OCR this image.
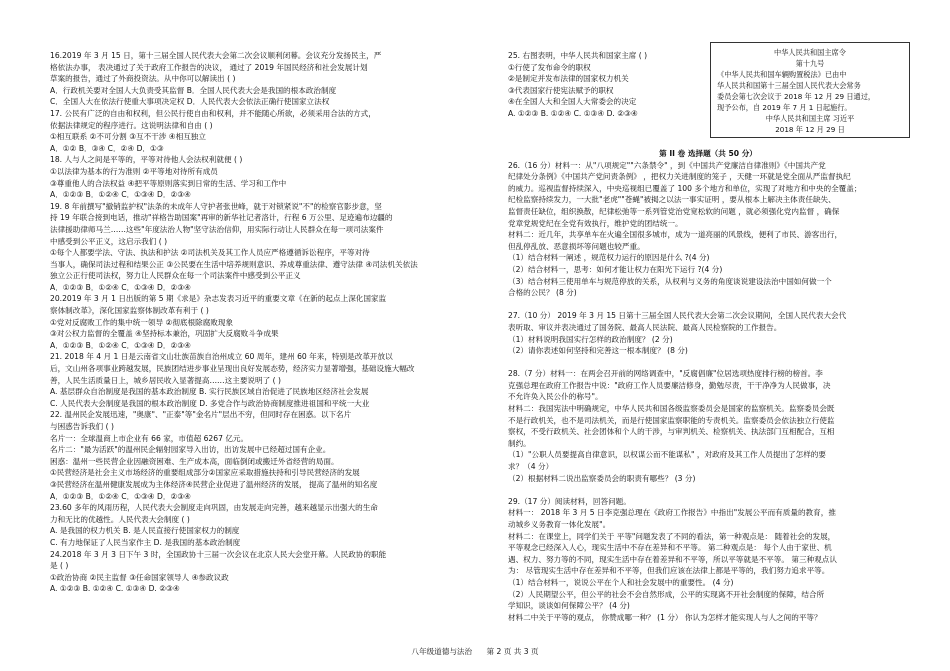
16.2019 年 3 月 15 日，第十三届全国人民代表大会第二次会议顺利闭幕。会议充分发扬民主，严
格依法办事， 表决通过了关于政府工作报告的决议， 通过了 2019 年国民经济和社会发展计划
草案的报告，通过了外商投资法。从中你可以解读出 ( )
A．行政机关要对全国人大负责受其监督 B．全国人民代表大会是我国的根本政治制度
C．全国人大在依法行使重大事项决定权 D．人民代表大会依法正确行使国家立法权
17. 公民有广泛的自由和权利，但公民行使自由和权利，并不能随心所欲，必须采用合法的方式，
依据法律规定的程序进行。这说明法律和自由 ( )
①相互联系 ②不可分割 ③互不干涉 ④相互独立
A．①② B．③④ C．②④ D．①③
18. 人与人之间是平等的，平等对待他人会法权利就便 ( )
①以法律为基本的行为准则 ②平等地对待所有成员
③尊重他人的合法权益 ④把平等原则落实到日常的生活、学习和工作中
A．①②③ B．①②④ C．①③④ D．②③④
19. 8 年前撰写"撤销监护权"法条的未成年人守护者张世峰，就于对锁紧说"不"的检察官影步意，坚
持 19 年联合接到电话，推动"祥格告助国案"再审的新华社记者洛计，行程 6 万公里、足迹遍布边疆的
法律援助律师马兰……这些"年度法治人物"坚守法治信仰，用实际行动让人民群众在每一项司法案件
中感受到公平正义，这启示我们 ( )
①每个人都要学法、守法、执法和护法 ②司法机关及其工作人员应严格遵循诉讼程序，平等对待
当事人，确保司法过程和结果公正 ③公民要在生活中培养规则意识、养成尊重法律、遵守法律 ④司法机关依法
独立公正行使司法权，努力让人民群众在每一个司法案件中感受到公平正义
A．①②③ B．①②④ C．①③④ D．②③④
20.2019 年 3 月 1 日出版的第 5 期《求是》杂志发表习近平的重要文章《在新的起点上深化国家监
察体制改革》，深化国家监察体制改革有利于 ( )
①党对反腐败工作的集中统一领导 ②彻底根除腐败现象
③对公权力监督的全覆盖 ④坚持标本兼治，巩固扩大反腐败斗争成果
A．①②③ B．①②④ C．①③④ D．②③④
21. 2018 年 4 月 1 日是云南省文山壮族苗族自治州成立 60 周年，建州 60 年来，特别是改革开放以
后，文山州各项事业跨越发展，民族团结进步事业呈现出良好发展态势，经济实力显著增强，基础设施大幅改
善，人民生活质量日上，城乡居民收入显著提高……这主要说明了 ( )
A. 基层群众自治制度是我国的基本政治制度 B. 实行民族区域自治促进了民族地区经济社会发展
C. 人民代表大会制度是我国的根本政治制度 D. 多党合作与政治协商制度推进祖国和平统一大业
22. 温州民企发展迅速，"奥康"、"正泰"等"金名片"层出不穷，但同时存在困惑。以下名片
与困惑告诉我们 ( )
名片一：全球温商上市企业有 66 家，市值超 6267 亿元。
名片二："最为活跃"的温州民企辐射园家导入出访，出访发展中已经超过国有企业。
困惑：温州一些民营企业因融资困难、生产成本高，面临倒闭或搬迁外省经营的局面。
①民营经济是社会主义市场经济的重要组成部分②国家应采取措施扶持和引导民营经济的发展
③民营经济在温州健康发展成为主体经济④民营企业促进了温州经济的发展， 提高了温州的知名度
A．①②③ B．①②④ C．①③④ D．②③④
23.60 多年的风雨历程，人民代表大会制度走向巩固，由发展走向完善，越来越显示出强大的生命
力和无比的优越性。人民代表大会制度 ( )
A. 是我国的权力机关 B. 是人民直接行使国家权力的制度
C. 有力地保证了人民当家作主 D. 是我国的基本政治制度
24.2018 年 3 月 3 日下午 3 时，全国政协十三届一次会议在北京人民大会堂开幕。人民政协的职能
是 ( )
①政治协商 ②民主监督 ③任命国家领导人 ④参政议政
A. ①②③ B. ①②④ C. ①③④ D. ②③④
25. 右图表明，中华人民共和国家主席 ( )
①行使了发布命令的职权
②是制定并发布法律的国家权力机关
③代表国家行使宪法赋予的职权
④在全国人大和全国人大常委会的决定
A. ①②③ B. ①②④ C. ①③④ D. ②③④
中华人民共和国主席令
第十九号
《中华人民共和国车辆购置税法》已由中
华人民共和国第十三届全国人民代表大会常务
委员会第七次会议于 2018 年 12 月 29 日通过，
现予公布，自 2019 年 7 月 1 日起施行。
中华人民共和国主席 习近平
2018 年 12 月 29 日
第 II 卷 选择题（共 50 分）
26.（16 分）材料一：从"八项规定""六条禁令" ，到《中国共产党廉洁自律准则》《中国共产党
纪律处分条例》《中国共产党问责条例》 ，把权力关进制度的笼子 ，天健一环就是党全面从严监督执纪
的威力。巡视监督持续深入，中央巡视组已覆盖了 100 多个地方和单位，实现了对地方和中央的全覆盖；
纪检监察持续发力，一大批"老虎""苍蝇"被掲之以法一事实证明 ，要从根本上解决主体责任缺失、
监督责任缺位，组织换散，纪律松弛等一系列管党治党宽松软的问题 ，就必须强化党内监督 ，确保
党章党规党纪在全党有效执行，维护党的团结统一。
材料二：近几年，共享单车在火遍全国很多城市，成为一道亮丽的风景线，便利了市民、游客出行，
但乱停乱放、恶意损坏等问题也较严重。
（1）结合材料一阐述 ，规范权力运行的原因是什么 ?(4 分)
（2）结合材料一，思考：如何才能让权力在阳光下运行 ?(4 分)
（3）结合材料三使用单车与规范停放的关系，从权利与义务的角度谈说建设法治中国如何做一个
合格的公民？ (8 分)
27.（10 分） 2019 年 3 月 15 日第十三届全国人民代表大会第二次会议期间，全国人民代表大会代
表听取、审议并表决通过了国务院、最高人民法院、最高人民检察院的工作报告。
（1）材料说明我国实行怎样的政治制度？ (2 分)
（2）请你表述如何坚持和完善这一根本制度？ (8 分)
28.（7 分）材料一：在两会召开前的网络调查中，"反腐倡廉"位居选项热度排行榜的榜首。李
克强总理在政府工作报告中说："政府工作人员要廉洁修身，勤勉尽责，干干净净为人民做事，决
不允许奂入民公仆的称号"。
材料二：我国宪法中明确规定，中华人民共和国各级监察委员会是国家的监察机关。监察委员会既
不是行政机关，也不是司法机关，而是行使国家监察职能的专责机关。监察委员会依法独立行使监
察权，不受行政机关、社会团体和个人的干涉，与审判机关、检察机关、执法部门互相配合，互相
制约。
（1）"公职人员要提高自律意识，以权谋公而不能谋私" ，对政府及其工作人员提出了怎样的要
求？（4 分）
（2）根据材料二说出监察委员会的职责有哪些？ (3 分)
29.（17 分）阅读材料，回答问题。
材料一： 2018 年 3 月 5 日李克强总理在《政府工作报告》中指出"发展公平而有质量的教育，推
动城乡义务教育一体化发展"。
材料二：在课堂上，同学们关于 平等"问题发表了不同的看法，第一种观点是： 随着社会的发展，
平等观念已经深入人心，现实生活中不存在差异和不平等。 第二种观点是： 每个人由于家世、机
遇、权力、努力等的不同，现实生活中存在着差异和不平等，所以平等就是不平等。 第三种观点认
为： 尽管现实生活中存在差异和不平等，但我们应该在法律上都是平等的，我们努力追求平等。
（1）结合材料一，说说公平在个人和社会发展中的重要性。 (4 分)
（2）人民期望公平，但公平的社会不会自然形成，公平的实现离不开社会制度的保障，结合所
学知识，谈谈如何保障公平？ (4 分)
材料二中关于平等的观点， 你赞成哪一种？ (1 分） 你认为怎样才能实现人与人之间的平等？
八年级道德与法治 第 2 页 共 3 页
